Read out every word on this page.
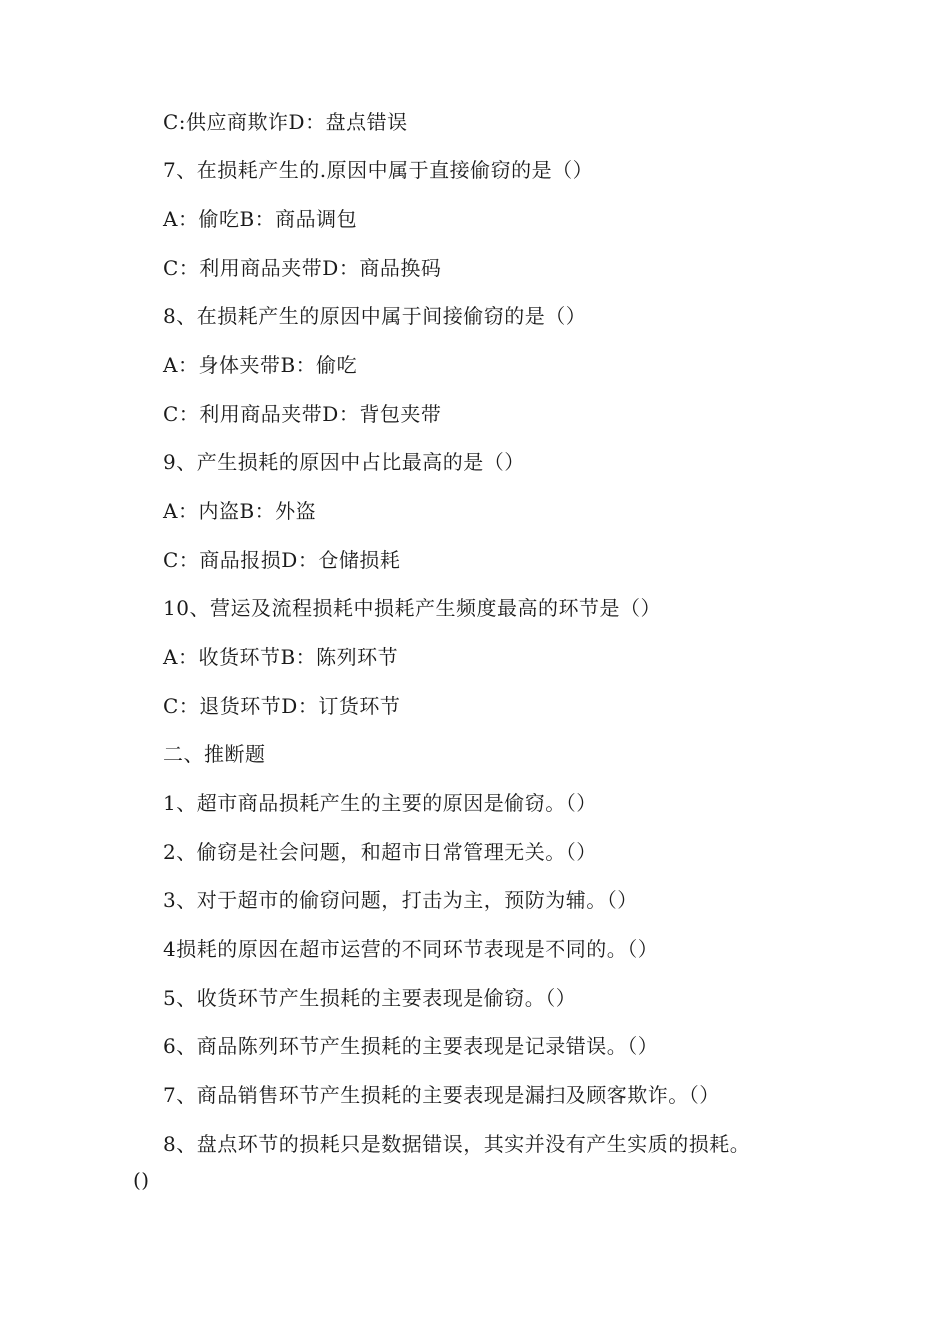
C:供应商欺诈D：盘点错误
7、在损耗产生的.原因中属于直接偷窃的是（）
A：偷吃B：商品调包
C：利用商品夹带D：商品换码
8、在损耗产生的原因中属于间接偷窃的是（）
A：身体夹带B：偷吃
C：利用商品夹带D：背包夹带
9、产生损耗的原因中占比最高的是（）
A：内盗B：外盗
C：商品报损D：仓储损耗
10、营运及流程损耗中损耗产生频度最高的环节是（）
A：收货环节B：陈列环节
C：退货环节D：订货环节
二、推断题
1、超市商品损耗产生的主要的原因是偷窃。（）
2、偷窃是社会问题，和超市日常管理无关。（）
3、对于超市的偷窃问题，打击为主，预防为辅。（）
4损耗的原因在超市运营的不同环节表现是不同的。（）
5、收货环节产生损耗的主要表现是偷窃。（）
6、商品陈列环节产生损耗的主要表现是记录错误。（）
7、商品销售环节产生损耗的主要表现是漏扫及顾客欺诈。（）
8、盘点环节的损耗只是数据错误，其实并没有产生实质的损耗。
()
